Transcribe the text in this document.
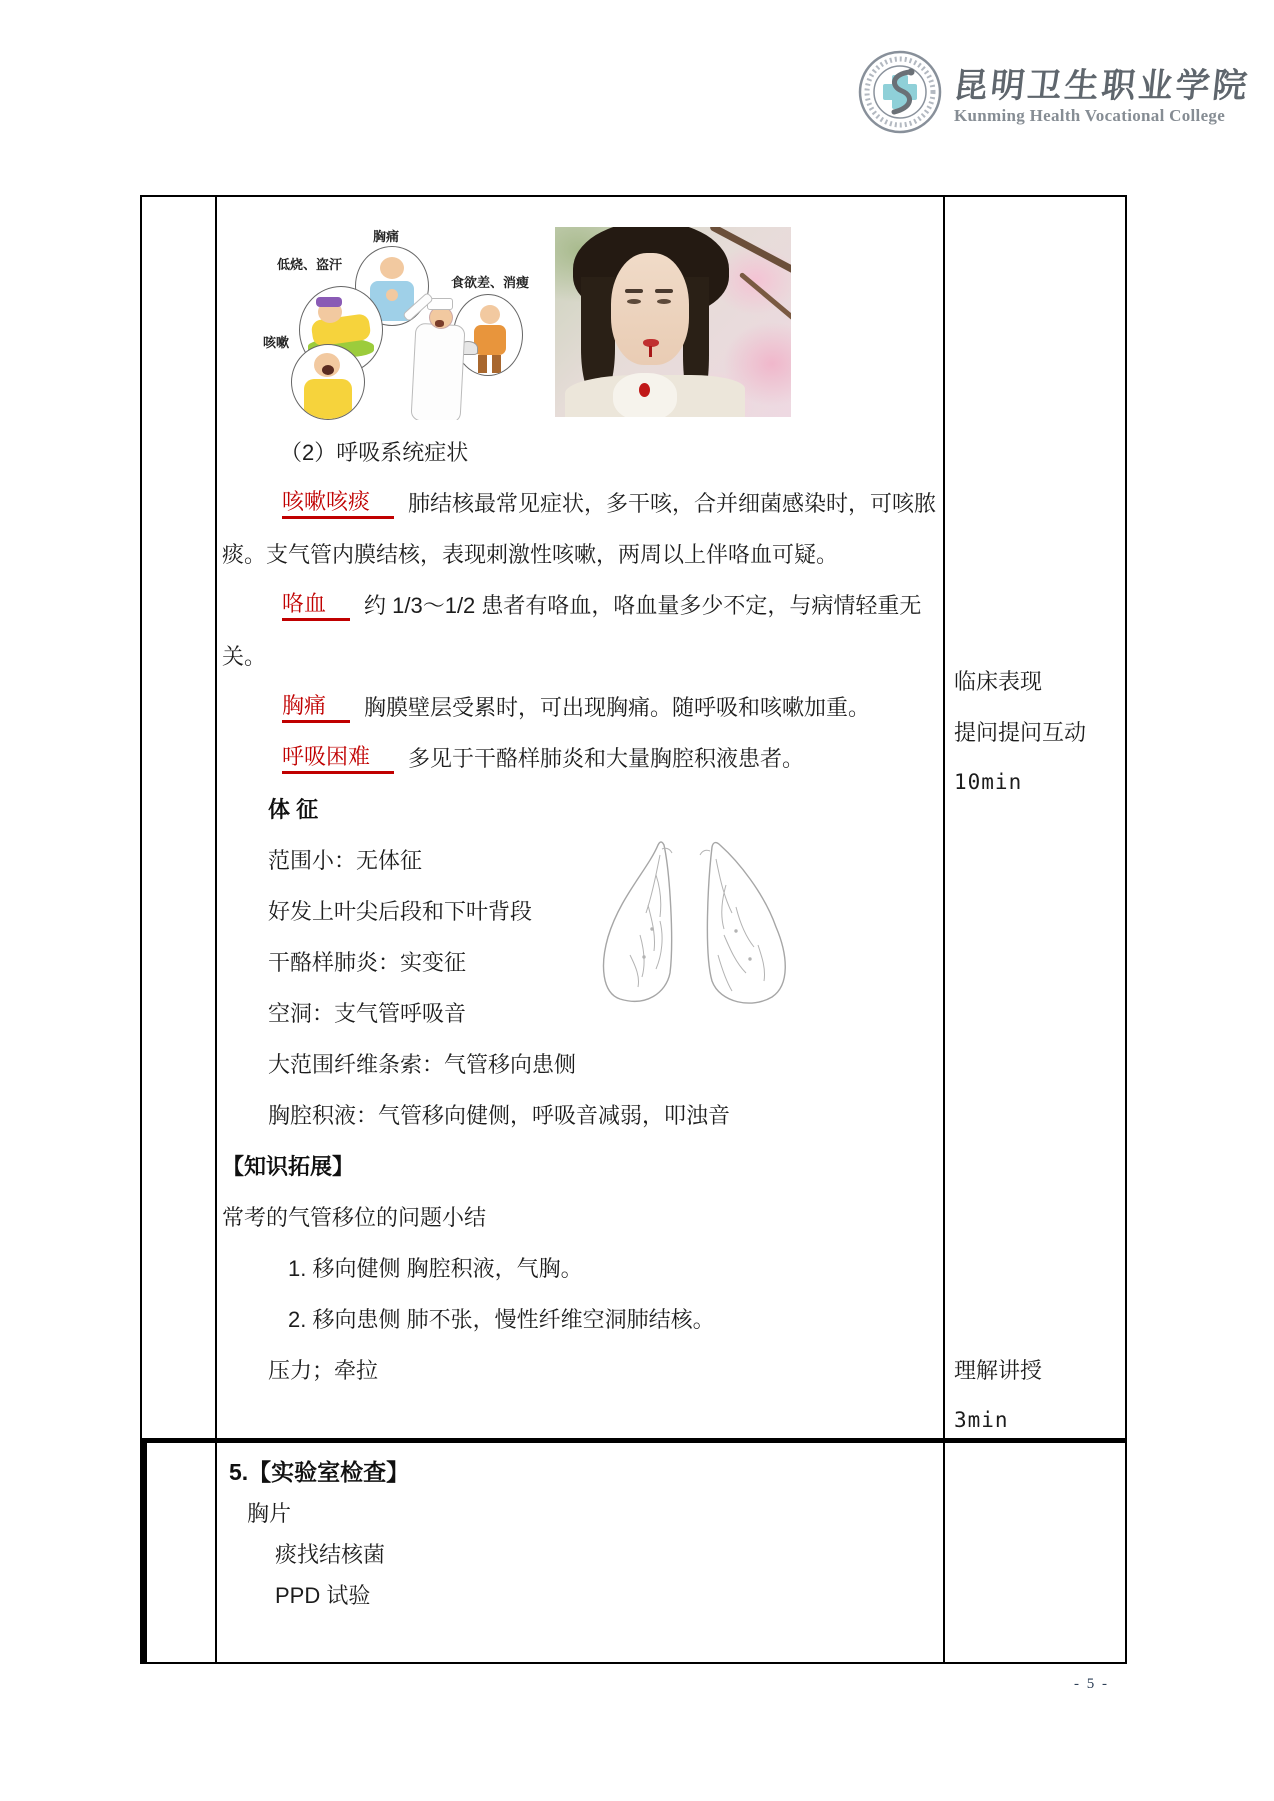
昆明卫生职业学院
Kunming Health Vocational College
胸痛
低烧、盗汗
食欲差、消瘦
咳嗽
（2）呼吸系统症状
咳嗽咳痰	肺结核最常见症状，多干咳，合并细菌感染时，可咳脓
痰。支气管内膜结核，表现刺激性咳嗽，两周以上伴咯血可疑。
咯血	约 1/3～1/2 患者有咯血，咯血量多少不定，与病情轻重无
关。
胸痛	胸膜壁层受累时，可出现胸痛。随呼吸和咳嗽加重。
呼吸困难	多见于干酪样肺炎和大量胸腔积液患者。
体 征
范围小：无体征
好发上叶尖后段和下叶背段
干酪样肺炎：实变征
空洞：支气管呼吸音
大范围纤维条索：气管移向患侧
胸腔积液：气管移向健侧，呼吸音减弱，叩浊音
【知识拓展】
常考的气管移位的问题小结
1. 移向健侧 胸腔积液，气胸。
2. 移向患侧 肺不张，慢性纤维空洞肺结核。
压力；牵拉
临床表现
提问提问互动
10min
理解讲授
3min
5.【实验室检查】
胸片
痰找结核菌
PPD 试验
- 5 -
